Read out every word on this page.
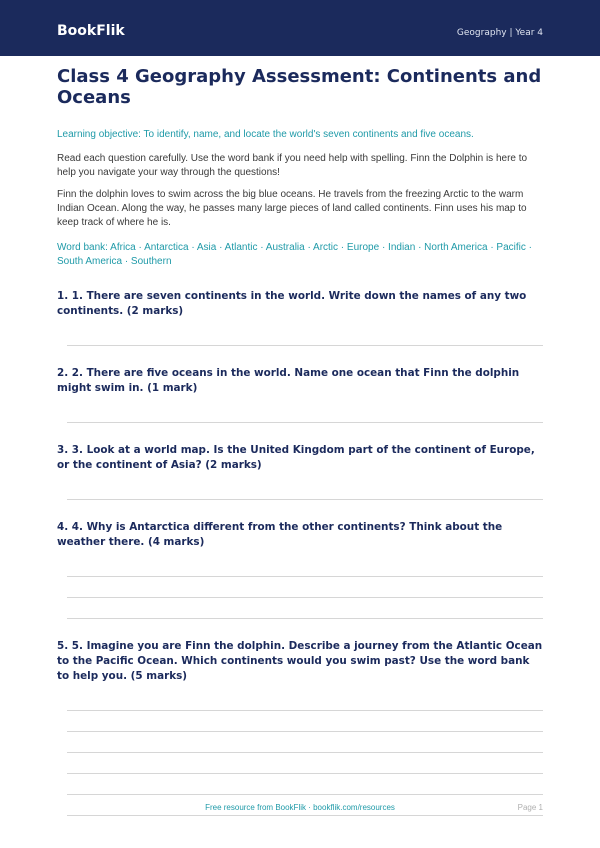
BookFlik	Geography | Year 4
Class 4 Geography Assessment: Continents and Oceans
Learning objective: To identify, name, and locate the world's seven continents and five oceans.
Read each question carefully. Use the word bank if you need help with spelling. Finn the Dolphin is here to help you navigate your way through the questions!
Finn the dolphin loves to swim across the big blue oceans. He travels from the freezing Arctic to the warm Indian Ocean. Along the way, he passes many large pieces of land called continents. Finn uses his map to keep track of where he is.
Word bank: Africa · Antarctica · Asia · Atlantic · Australia · Arctic · Europe · Indian · North America · Pacific · South America · Southern
1. 1. There are seven continents in the world. Write down the names of any two continents. (2 marks)
2. 2. There are five oceans in the world. Name one ocean that Finn the dolphin might swim in. (1 mark)
3. 3. Look at a world map. Is the United Kingdom part of the continent of Europe, or the continent of Asia? (2 marks)
4. 4. Why is Antarctica different from the other continents? Think about the weather there. (4 marks)
5. 5. Imagine you are Finn the dolphin. Describe a journey from the Atlantic Ocean to the Pacific Ocean. Which continents would you swim past? Use the word bank to help you. (5 marks)
Free resource from BookFlik · bookflik.com/resources	Page 1
